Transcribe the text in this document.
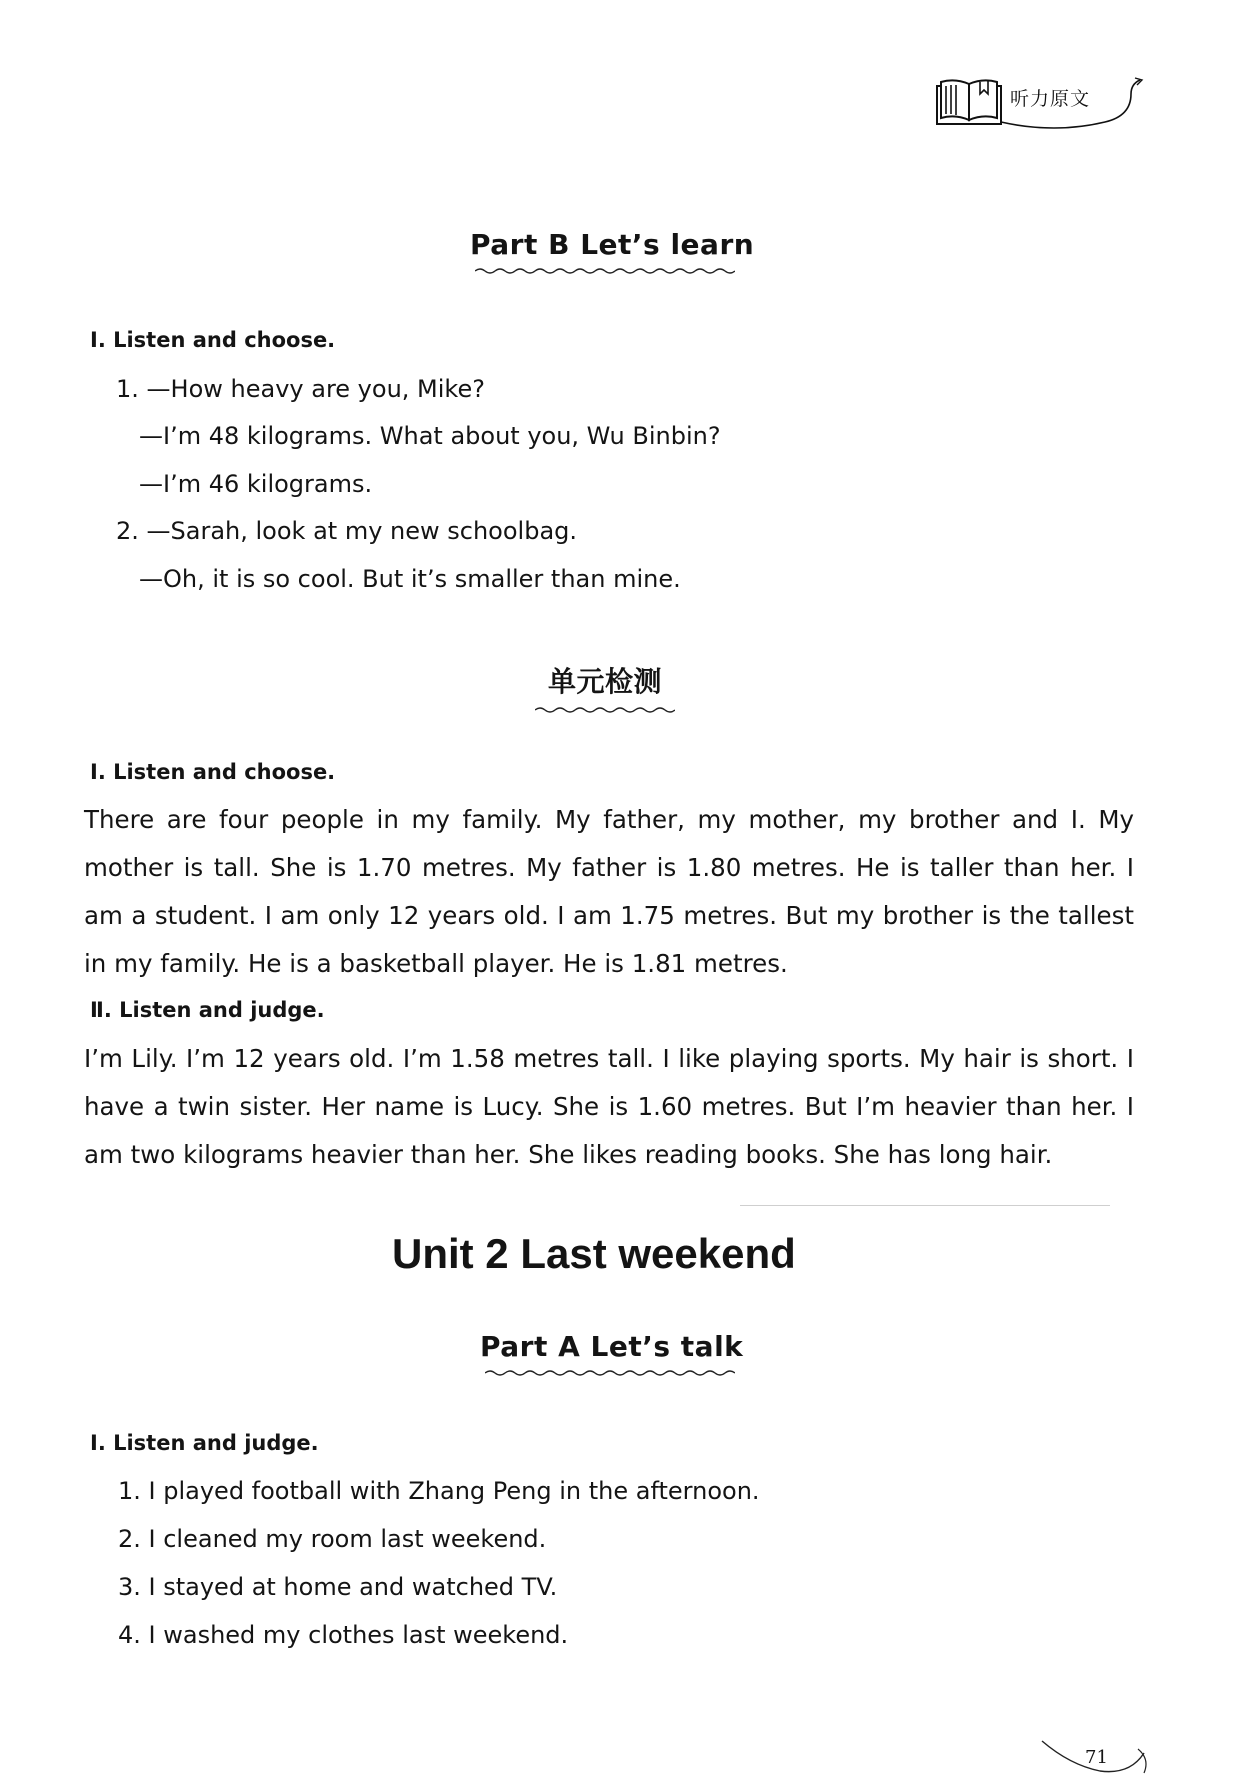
听力原文
Part B Let’s learn
Ⅰ. Listen and choose.
1. —How heavy are you, Mike?
—I’m 48 kilograms. What about you, Wu Binbin?
—I’m 46 kilograms.
2. —Sarah, look at my new schoolbag.
—Oh, it is so cool. But it’s smaller than mine.
单元检测
Ⅰ. Listen and choose.
There are four people in my family. My father, my mother, my brother and I. My mother is tall. She is 1.70 metres. My father is 1.80 metres. He is taller than her. I am a student. I am only 12 years old. I am 1.75 metres. But my brother is the tallest in my family. He is a basketball player. He is 1.81 metres.
Ⅱ. Listen and judge.
I’m Lily. I’m 12 years old. I’m 1.58 metres tall. I like playing sports. My hair is short. I have a twin sister. Her name is Lucy. She is 1.60 metres. But I’m heavier than her. I am two kilograms heavier than her. She likes reading books. She has long hair.
Unit 2 Last weekend
Part A Let’s talk
Ⅰ. Listen and judge.
1. I played football with Zhang Peng in the afternoon.
2. I cleaned my room last weekend.
3. I stayed at home and watched TV.
4. I washed my clothes last weekend.
71
